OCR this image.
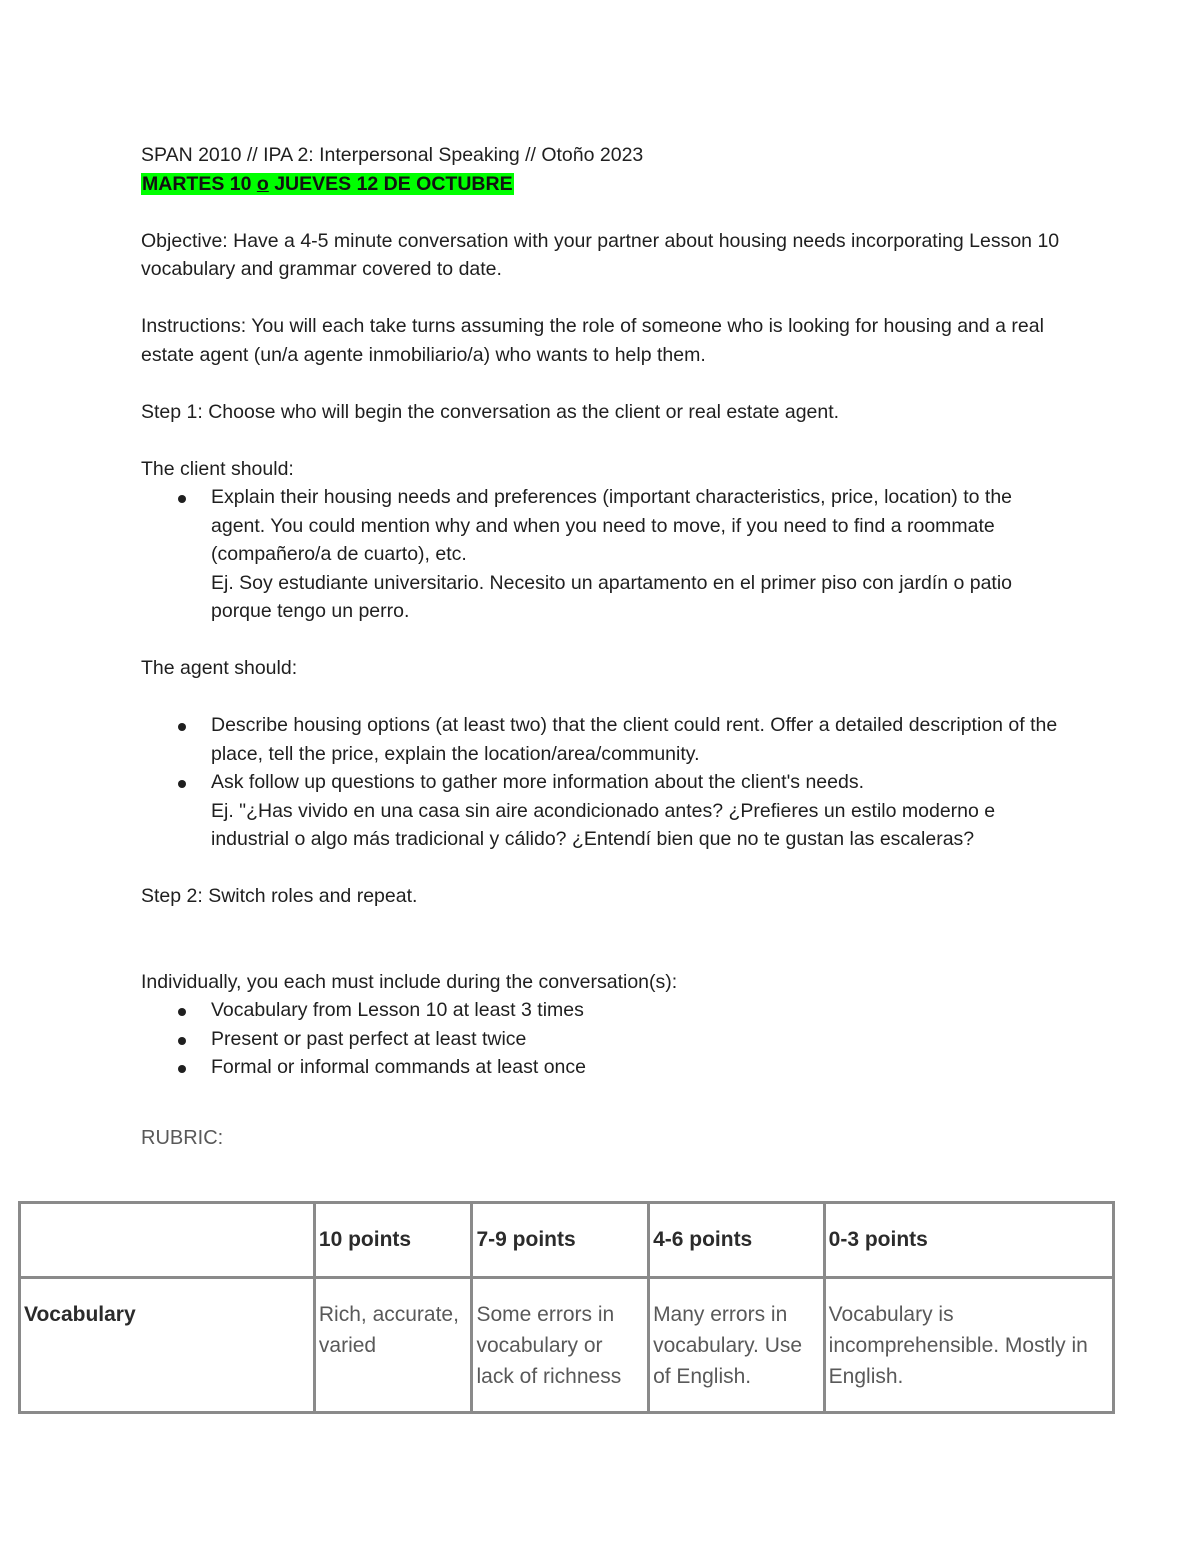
SPAN 2010 // IPA 2: Interpersonal Speaking // Otoño 2023

MARTES 10 o JUEVES 12 DE OCTUBRE

Objective: Have a 4-5 minute conversation with your partner about housing needs incorporating Lesson 10 vocabulary and grammar covered to date.

Instructions: You will each take turns assuming the role of someone who is looking for housing and a real estate agent (un/a agente inmobiliario/a) who wants to help them.

Step 1: Choose who will begin the conversation as the client or real estate agent.

The client should:

Explain their housing needs and preferences (important characteristics, price, location) to the agent. You could mention why and when you need to move, if you need to find a roommate (compañero/a de cuarto), etc.
Ej. Soy estudiante universitario. Necesito un apartamento en el primer piso con jardín o patio porque tengo un perro.

The agent should:

Describe housing options (at least two) that the client could rent. Offer a detailed description of the place, tell the price, explain the location/area/community.
Ask follow up questions to gather more information about the client's needs.
Ej. "¿Has vivido en una casa sin aire acondicionado antes? ¿Prefieres un estilo moderno e industrial o algo más tradicional y cálido? ¿Entendí bien que no te gustan las escaleras?

Step 2: Switch roles and repeat.

Individually, you each must include during the conversation(s):

Vocabulary from Lesson 10 at least 3 times
Present or past perfect at least twice
Formal or informal commands at least once

RUBRIC:

	10 points	7-9 points	4-6 points	0-3 points
Vocabulary	Rich, accurate, varied	Some errors in vocabulary or lack of richness	Many errors in vocabulary. Use of English.	Vocabulary is incomprehensible. Mostly in English.
